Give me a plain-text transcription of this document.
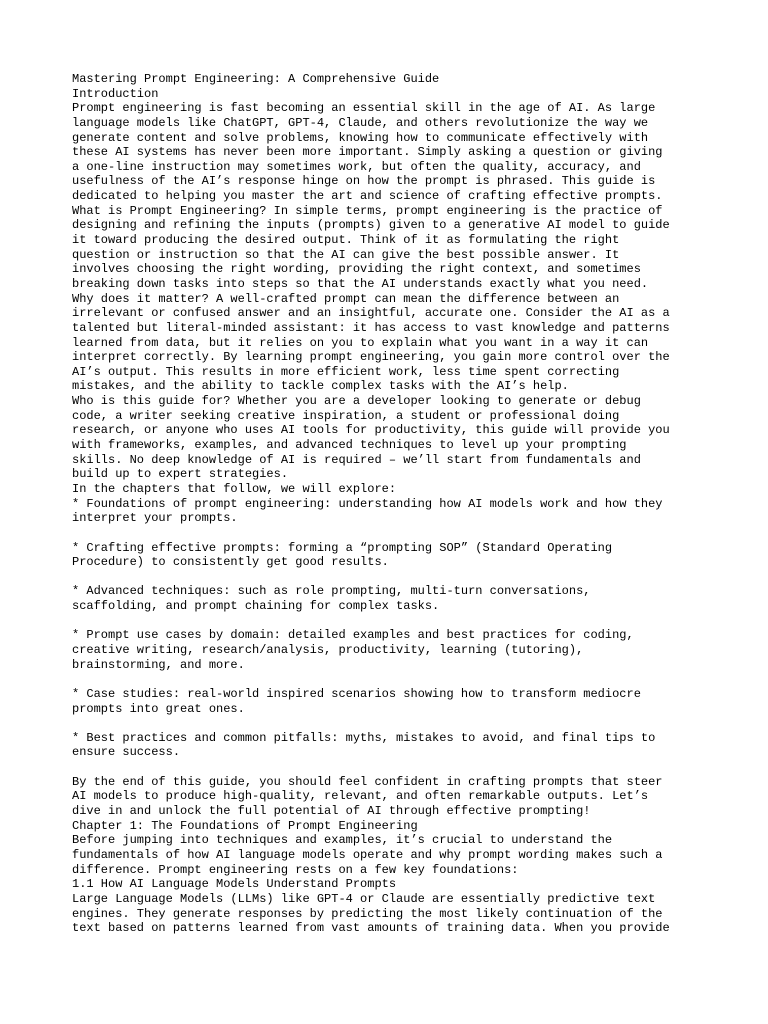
Mastering Prompt Engineering: A Comprehensive Guide
Introduction
Prompt engineering is fast becoming an essential skill in the age of AI. As large
language models like ChatGPT, GPT-4, Claude, and others revolutionize the way we
generate content and solve problems, knowing how to communicate effectively with
these AI systems has never been more important. Simply asking a question or giving
a one-line instruction may sometimes work, but often the quality, accuracy, and
usefulness of the AI’s response hinge on how the prompt is phrased. This guide is
dedicated to helping you master the art and science of crafting effective prompts.
What is Prompt Engineering? In simple terms, prompt engineering is the practice of
designing and refining the inputs (prompts) given to a generative AI model to guide
it toward producing the desired output. Think of it as formulating the right
question or instruction so that the AI can give the best possible answer. It
involves choosing the right wording, providing the right context, and sometimes
breaking down tasks into steps so that the AI understands exactly what you need.
Why does it matter? A well-crafted prompt can mean the difference between an
irrelevant or confused answer and an insightful, accurate one. Consider the AI as a
talented but literal-minded assistant: it has access to vast knowledge and patterns
learned from data, but it relies on you to explain what you want in a way it can
interpret correctly. By learning prompt engineering, you gain more control over the
AI’s output. This results in more efficient work, less time spent correcting
mistakes, and the ability to tackle complex tasks with the AI’s help.
Who is this guide for? Whether you are a developer looking to generate or debug
code, a writer seeking creative inspiration, a student or professional doing
research, or anyone who uses AI tools for productivity, this guide will provide you
with frameworks, examples, and advanced techniques to level up your prompting
skills. No deep knowledge of AI is required – we’ll start from fundamentals and
build up to expert strategies.
In the chapters that follow, we will explore:
* Foundations of prompt engineering: understanding how AI models work and how they
interpret your prompts.
* Crafting effective prompts: forming a “prompting SOP” (Standard Operating
Procedure) to consistently get good results.
* Advanced techniques: such as role prompting, multi-turn conversations,
scaffolding, and prompt chaining for complex tasks.
* Prompt use cases by domain: detailed examples and best practices for coding,
creative writing, research/analysis, productivity, learning (tutoring),
brainstorming, and more.
* Case studies: real-world inspired scenarios showing how to transform mediocre
prompts into great ones.
* Best practices and common pitfalls: myths, mistakes to avoid, and final tips to
ensure success.
By the end of this guide, you should feel confident in crafting prompts that steer
AI models to produce high-quality, relevant, and often remarkable outputs. Let’s
dive in and unlock the full potential of AI through effective prompting!
Chapter 1: The Foundations of Prompt Engineering
Before jumping into techniques and examples, it’s crucial to understand the
fundamentals of how AI language models operate and why prompt wording makes such a
difference. Prompt engineering rests on a few key foundations:
1.1 How AI Language Models Understand Prompts
Large Language Models (LLMs) like GPT-4 or Claude are essentially predictive text
engines. They generate responses by predicting the most likely continuation of the
text based on patterns learned from vast amounts of training data. When you provide
